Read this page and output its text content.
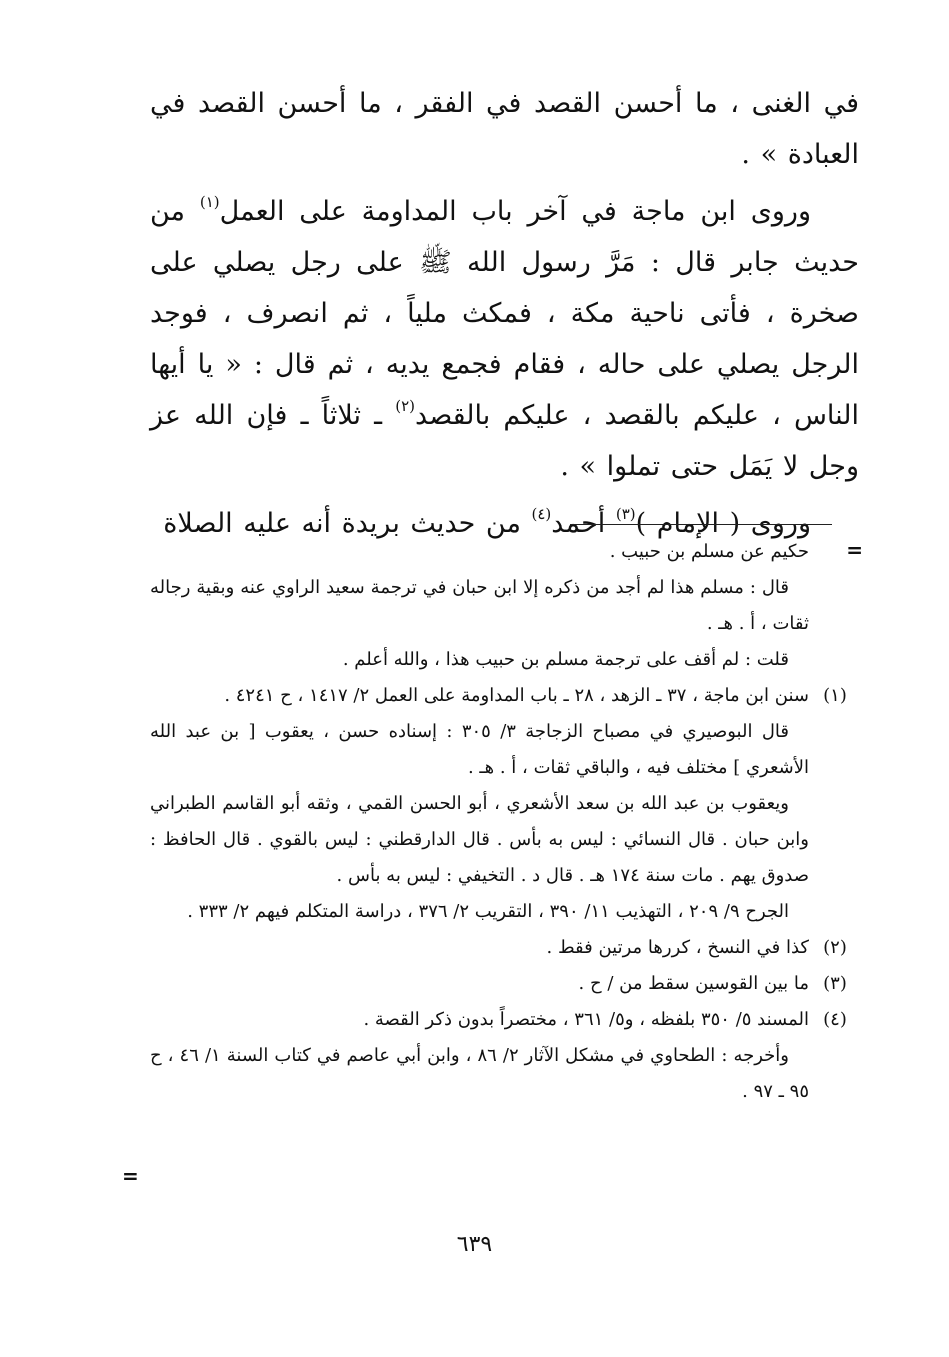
في الغنى ، ما أحسن القصد في الفقر ، ما أحسن القصد في العبادة » .

وروى ابن ماجة في آخر باب المداومة على العمل$^{(١)}$ من حديث جابر قال : مَرَّ رسول الله ﷺ على رجل يصلي على صخرة ، فأتى ناحية مكة ، فمكث ملياً ، ثم انصرف ، فوجد الرجل يصلي على حاله ، فقام فجمع يديه ، ثم قال : « يا أيها الناس ، عليكم بالقصد ، عليكم بالقصد$^{(٢)}$ ـ ثلاثاً ـ فإن الله عز وجل لا يَمَل حتى تملوا » .

وروى ( الإمام )$^{(٣)}$ أحمد$^{(٤)}$ من حديث بريدة أنه عليه الصلاة

=
=

حكيم عن مسلم بن حبيب .

قال : مسلم هذا لم أجد من ذكره إلا ابن حبان في ترجمة سعيد الراوي عنه وبقية رجاله ثقات ، أ . هـ .

قلت : لم أقف على ترجمة مسلم بن حبيب هذا ، والله أعلم .

(١)

سنن ابن ماجة ، ٣٧ ـ الزهد ، ٢٨ ـ باب المداومة على العمل ٢/ ١٤١٧ ، ح ٤٢٤١ .

قال البوصيري في مصباح الزجاجة ٣/ ٣٠٥ : إسناده حسن ، يعقوب [ بن عبد الله الأشعري ] مختلف فيه ، والباقي ثقات ، أ . هـ .

ويعقوب بن عبد الله بن سعد الأشعري ، أبو الحسن القمي ، وثقه أبو القاسم الطبراني وابن حبان . قال النسائي : ليس به بأس . قال الدارقطني : ليس بالقوي . قال الحافظ : صدوق يهم . مات سنة ١٧٤ هـ . قال د . التخيفي : ليس به بأس .

الجرح ٩/ ٢٠٩ ، التهذيب ١١/ ٣٩٠ ، التقريب ٢/ ٣٧٦ ، دراسة المتكلم فيهم ٢/ ٣٣٣ .

(٢)

كذا في النسخ ، كررها مرتين فقط .

(٣)

ما بين القوسين سقط من / ح .

(٤)

المسند ٥/ ٣٥٠ بلفظه ، و٥/ ٣٦١ ، مختصراً بدون ذكر القصة .

وأخرجه : الطحاوي في مشكل الآثار ٢/ ٨٦ ، وابن أبي عاصم في كتاب السنة ١/ ٤٦ ، ح ٩٥ ـ ٩٧ .

٦٣٩
